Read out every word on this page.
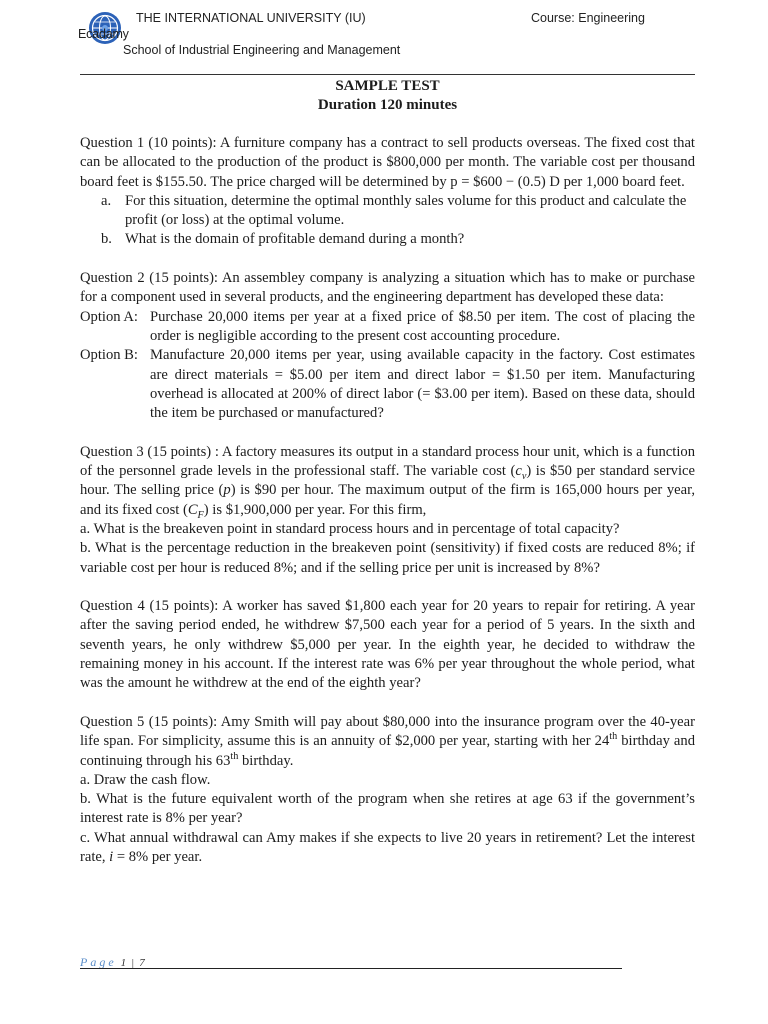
Ecadamy
THE INTERNATIONAL UNIVERSITY (IU)	Course: Engineering
School of Industrial Engineering and Management
SAMPLE TEST
Duration 120 minutes
Question 1 (10 points): A furniture company has a contract to sell products overseas. The fixed cost that can be allocated to the production of the product is $800,000 per month. The variable cost per thousand board feet is $155.50. The price charged will be determined by p = $600 − (0.5) D per 1,000 board feet.
a. For this situation, determine the optimal monthly sales volume for this product and calculate the profit (or loss) at the optimal volume.
b. What is the domain of profitable demand during a month?
Question 2 (15 points): An assembley company is analyzing a situation which has to make or purchase for a component used in several products, and the engineering department has developed these data:
Option A: Purchase 20,000 items per year at a fixed price of $8.50 per item. The cost of placing the order is negligible according to the present cost accounting procedure.
Option B: Manufacture 20,000 items per year, using available capacity in the factory. Cost estimates are direct materials = $5.00 per item and direct labor = $1.50 per item. Manufacturing overhead is allocated at 200% of direct labor (= $3.00 per item). Based on these data, should the item be purchased or manufactured?
Question 3 (15 points) : A factory measures its output in a standard process hour unit, which is a function of the personnel grade levels in the professional staff. The variable cost $(c_v)$ is $50 per standard service hour. The selling price (p) is $90 per hour. The maximum output of the firm is 165,000 hours per year, and its fixed cost $(C_F)$ is $1,900,000 per year. For this firm,
a. What is the breakeven point in standard process hours and in percentage of total capacity?
b. What is the percentage reduction in the breakeven point (sensitivity) if fixed costs are reduced 8%; if variable cost per hour is reduced 8%; and if the selling price per unit is increased by 8%?
Question 4 (15 points): A worker has saved $1,800 each year for 20 years to repair for retiring. A year after the saving period ended, he withdrew $7,500 each year for a period of 5 years. In the sixth and seventh years, he only withdrew $5,000 per year. In the eighth year, he decided to withdraw the remaining money in his account. If the interest rate was 6% per year throughout the whole period, what was the amount he withdrew at the end of the eighth year?
Question 5 (15 points): Amy Smith will pay about $80,000 into the insurance program over the 40-year life span. For simplicity, assume this is an annuity of $2,000 per year, starting with her 24th birthday and continuing through his 63th birthday.
a. Draw the cash flow.
b. What is the future equivalent worth of the program when she retires at age 63 if the government’s interest rate is 8% per year?
c. What annual withdrawal can Amy makes if she expects to live 20 years in retirement? Let the interest rate, i = 8% per year.
Page 1 | 7
